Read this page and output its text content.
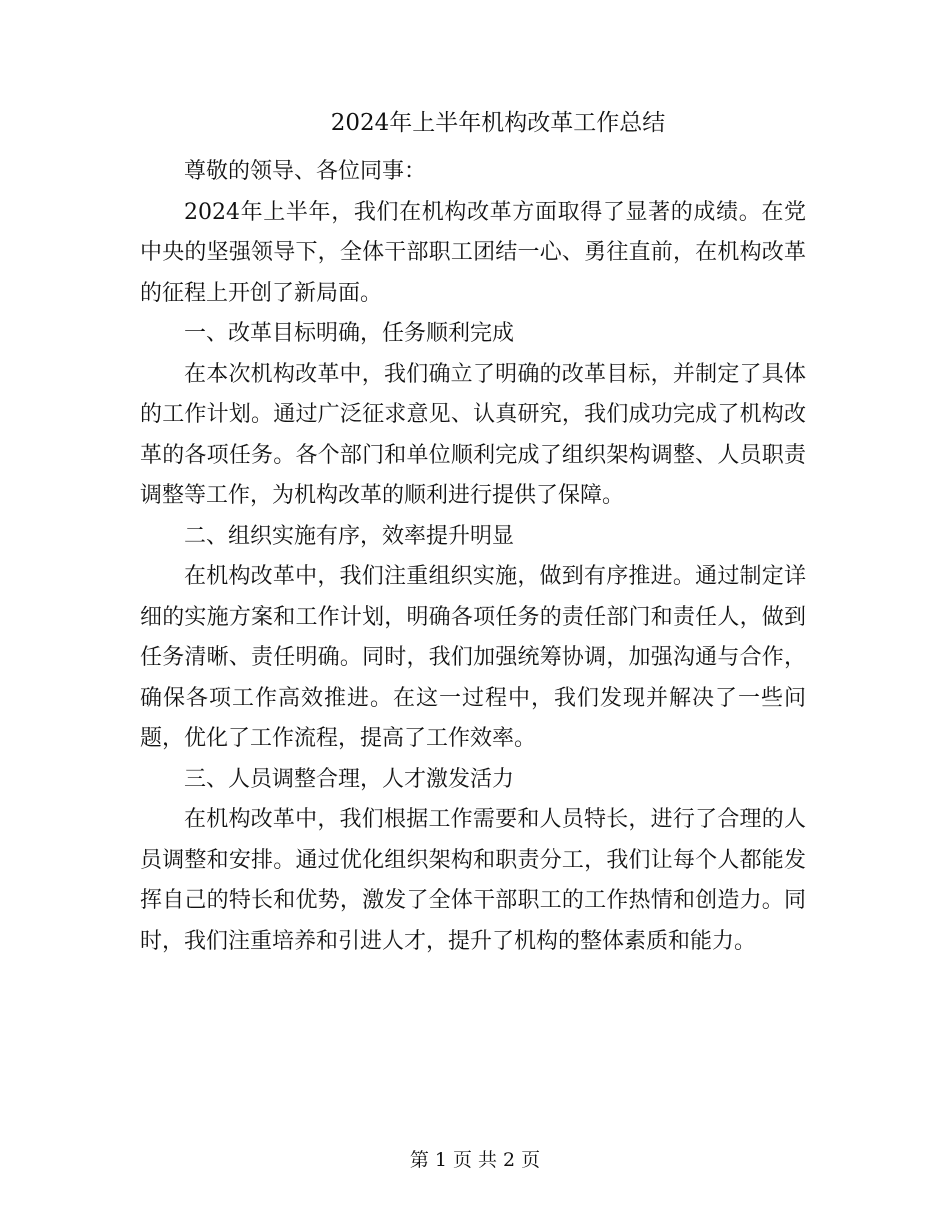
2024年上半年机构改革工作总结

尊敬的领导、各位同事：

2024年上半年，我们在机构改革方面取得了显著的成绩。在党中央的坚强领导下，全体干部职工团结一心、勇往直前，在机构改革的征程上开创了新局面。

一、改革目标明确，任务顺利完成

在本次机构改革中，我们确立了明确的改革目标，并制定了具体的工作计划。通过广泛征求意见、认真研究，我们成功完成了机构改革的各项任务。各个部门和单位顺利完成了组织架构调整、人员职责调整等工作，为机构改革的顺利进行提供了保障。

二、组织实施有序，效率提升明显

在机构改革中，我们注重组织实施，做到有序推进。通过制定详细的实施方案和工作计划，明确各项任务的责任部门和责任人，做到任务清晰、责任明确。同时，我们加强统筹协调，加强沟通与合作，确保各项工作高效推进。在这一过程中，我们发现并解决了一些问题，优化了工作流程，提高了工作效率。

三、人员调整合理，人才激发活力

在机构改革中，我们根据工作需要和人员特长，进行了合理的人员调整和安排。通过优化组织架构和职责分工，我们让每个人都能发挥自己的特长和优势，激发了全体干部职工的工作热情和创造力。同时，我们注重培养和引进人才，提升了机构的整体素质和能力。

第 1 页 共 2 页
